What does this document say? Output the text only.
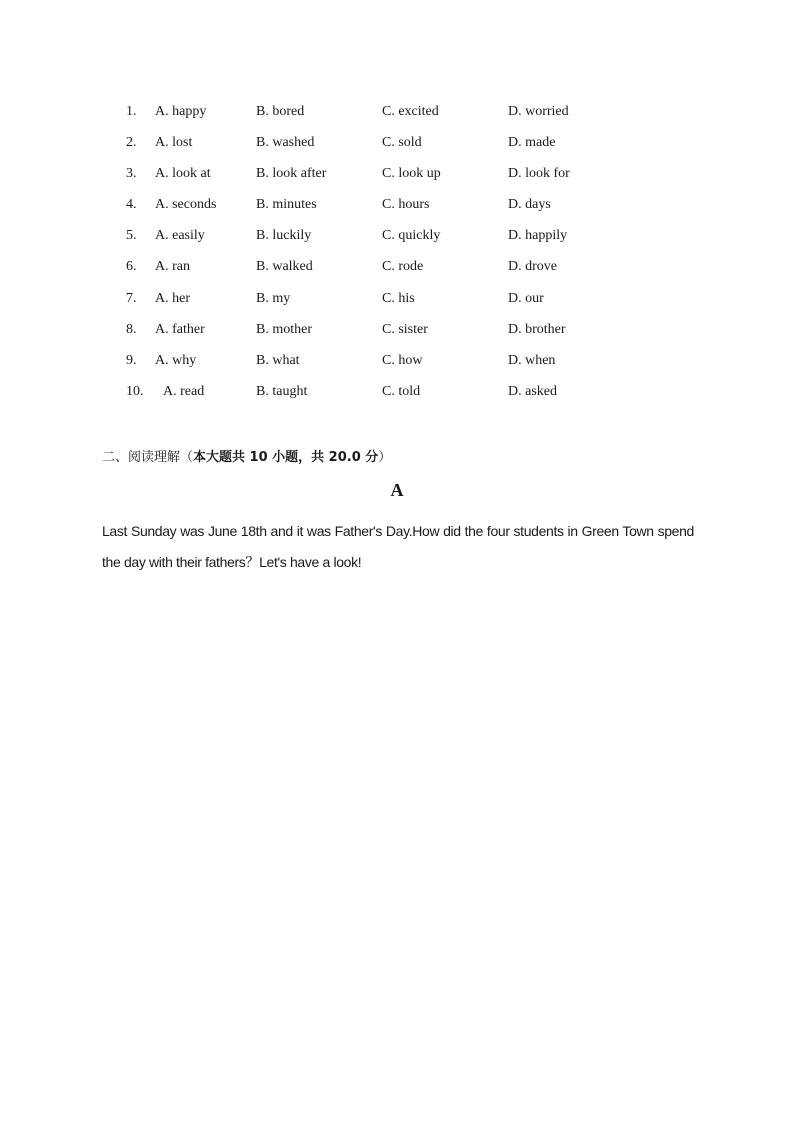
1. A. happy	B. bored	C. excited	D. worried
2. A. lost	B. washed	C. sold	D. made
3. A. look at	B. look after	C. look up	D. look for
4. A. seconds	B. minutes	C. hours	D. days
5. A. easily	B. luckily	C. quickly	D. happily
6. A. ran	B. walked	C. rode	D. drove
7. A. her	B. my	C. his	D. our
8. A. father	B. mother	C. sister	D. brother
9. A. why	B. what	C. how	D. when
10. A. read	B. taught	C. told	D. asked
二、阅读理解（本大题共 10 小题，共 20.0 分）
A
Last Sunday was June 18th and it was Father's Day.How did the four students in Green Town spend the day with their fathers？Let's have a look!
